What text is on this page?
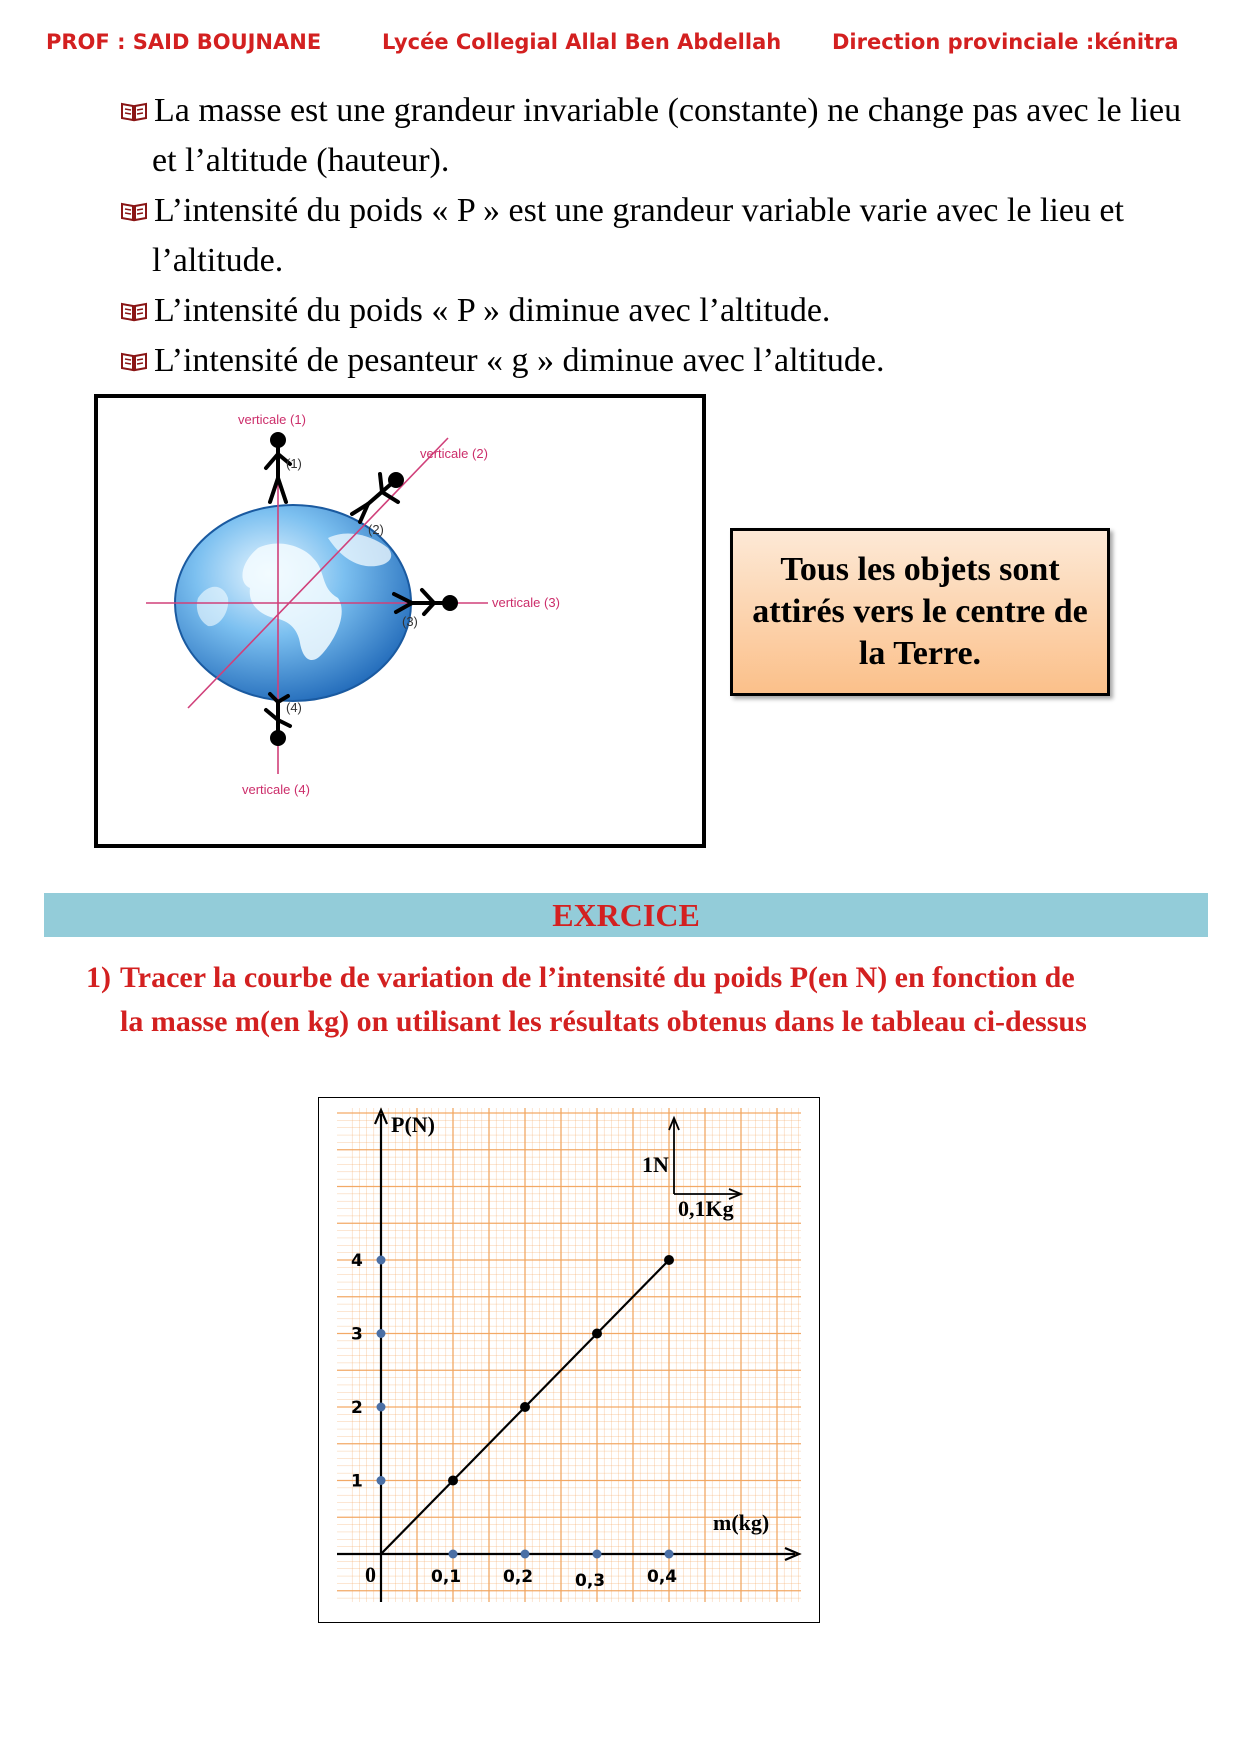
PROF : SAID BOUJNANE	Lycée Collegial Allal Ben Abdellah Direction provinciale :kénitra
La masse est une grandeur invariable (constante) ne change pas avec le lieu et l’altitude (hauteur).
L’intensité du poids « P » est une grandeur variable varie avec le lieu et l’altitude.
L’intensité du poids « P » diminue avec l’altitude.
L’intensité de pesanteur « g » diminue avec l’altitude.
verticale (1)
verticale (2)
verticale (3)
verticale (4)
(1)
(2)
(3)
(4)
Tous les objets sont attirés vers le centre de la Terre.
EXRCICE
1) Tracer la courbe de variation de l’intensité du poids P(en N) en fonction de
la masse m(en kg) on utilisant les résultats obtenus dans le tableau ci-dessus
P(N)
m(kg)
0
1
2
3
4
0,1 0,2 0,3 0,4
1N
0,1Kg
